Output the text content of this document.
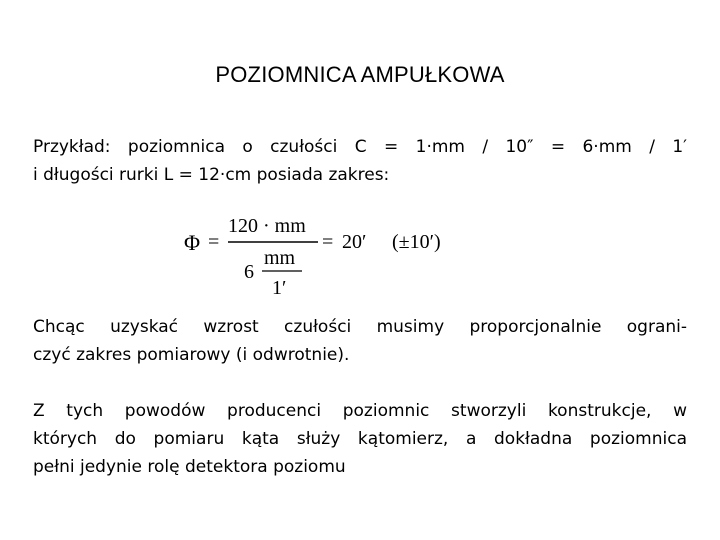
POZIOMNICA AMPUŁKOWA
Przykład: poziomnica o czułości C = 1·mm / 10″ = 6·mm / 1′
i długości rurki L = 12·cm posiada zakres:
Φ =
120 · mm
6
mm
1′
= 20′ (±10′)
Chcąc uzyskać wzrost czułości musimy proporcjonalnie ograni-
czyć zakres pomiarowy (i odwrotnie).
Z tych powodów producenci poziomnic stworzyli konstrukcje, w
których do pomiaru kąta służy kątomierz, a dokładna poziomnica
pełni jedynie rolę detektora poziomu
